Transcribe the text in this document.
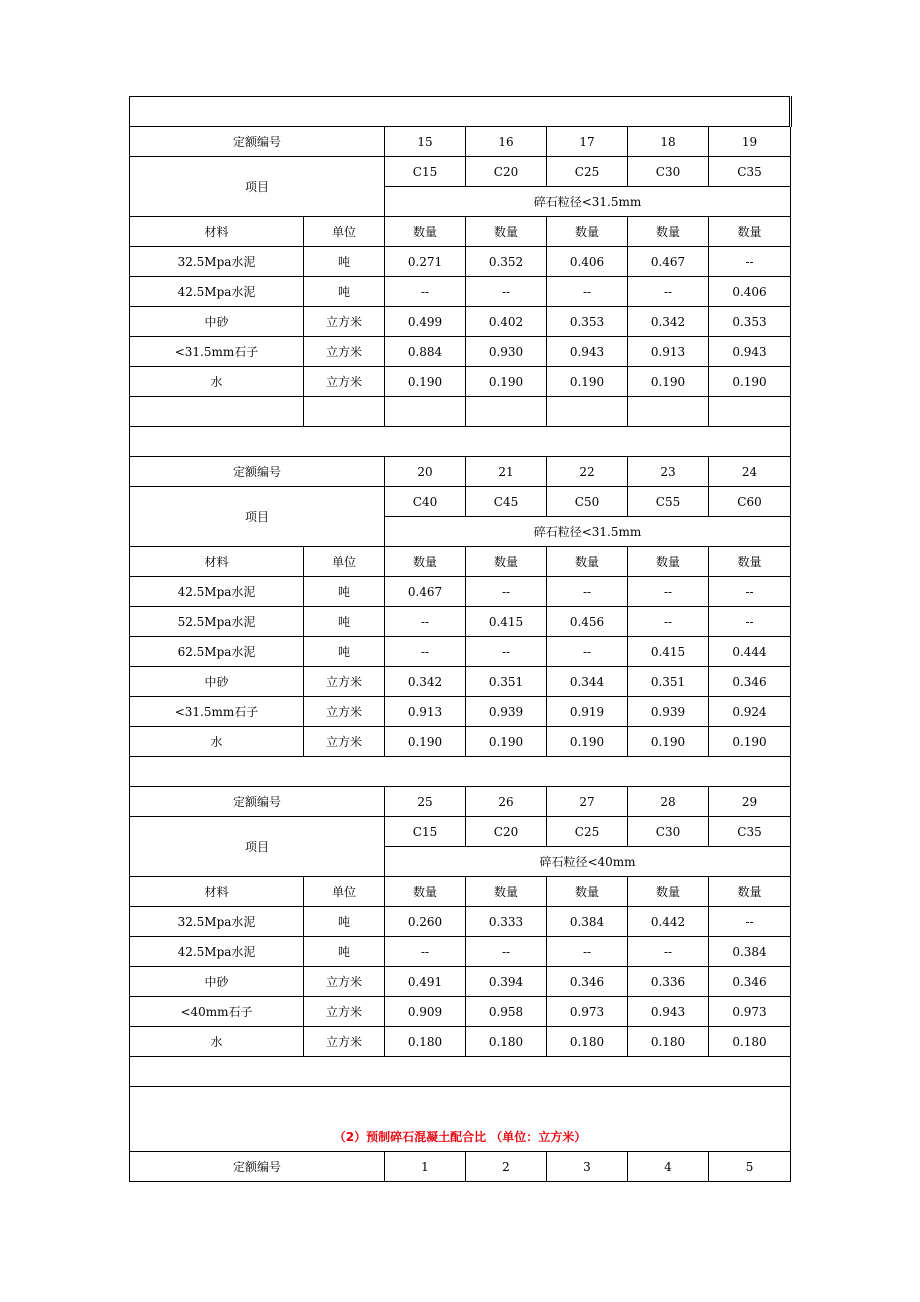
定额编号		15	16	17	18	19
项目		C15	C20	C25	C30	C35
		碎石粒径<31.5mm				
材料	单位	数量	数量	数量	数量	数量
32.5Mpa水泥	吨	0.271	0.352	0.406	0.467	--
42.5Mpa水泥	吨	--	--	--	--	0.406
中砂	立方米	0.499	0.402	0.353	0.342	0.353
<31.5mm石子	立方米	0.884	0.930	0.943	0.913	0.943
水	立方米	0.190	0.190	0.190	0.190	0.190

定额编号		20	21	22	23	24
项目		C40	C45	C50	C55	C60
		碎石粒径<31.5mm				
材料	单位	数量	数量	数量	数量	数量
42.5Mpa水泥	吨	0.467	--	--	--	--
52.5Mpa水泥	吨	--	0.415	0.456	--	--
62.5Mpa水泥	吨	--	--	--	0.415	0.444
中砂	立方米	0.342	0.351	0.344	0.351	0.346
<31.5mm石子	立方米	0.913	0.939	0.919	0.939	0.924
水	立方米	0.190	0.190	0.190	0.190	0.190

定额编号		25	26	27	28	29
项目		C15	C20	C25	C30	C35
		碎石粒径<40mm				
材料	单位	数量	数量	数量	数量	数量
32.5Mpa水泥	吨	0.260	0.333	0.384	0.442	--
42.5Mpa水泥	吨	--	--	--	--	0.384
中砂	立方米	0.491	0.394	0.346	0.336	0.346
<40mm石子	立方米	0.909	0.958	0.973	0.943	0.973
水	立方米	0.180	0.180	0.180	0.180	0.180

（2）预制碎石混凝土配合比 （单位：立方米）						
定额编号		1	2	3	4	5
